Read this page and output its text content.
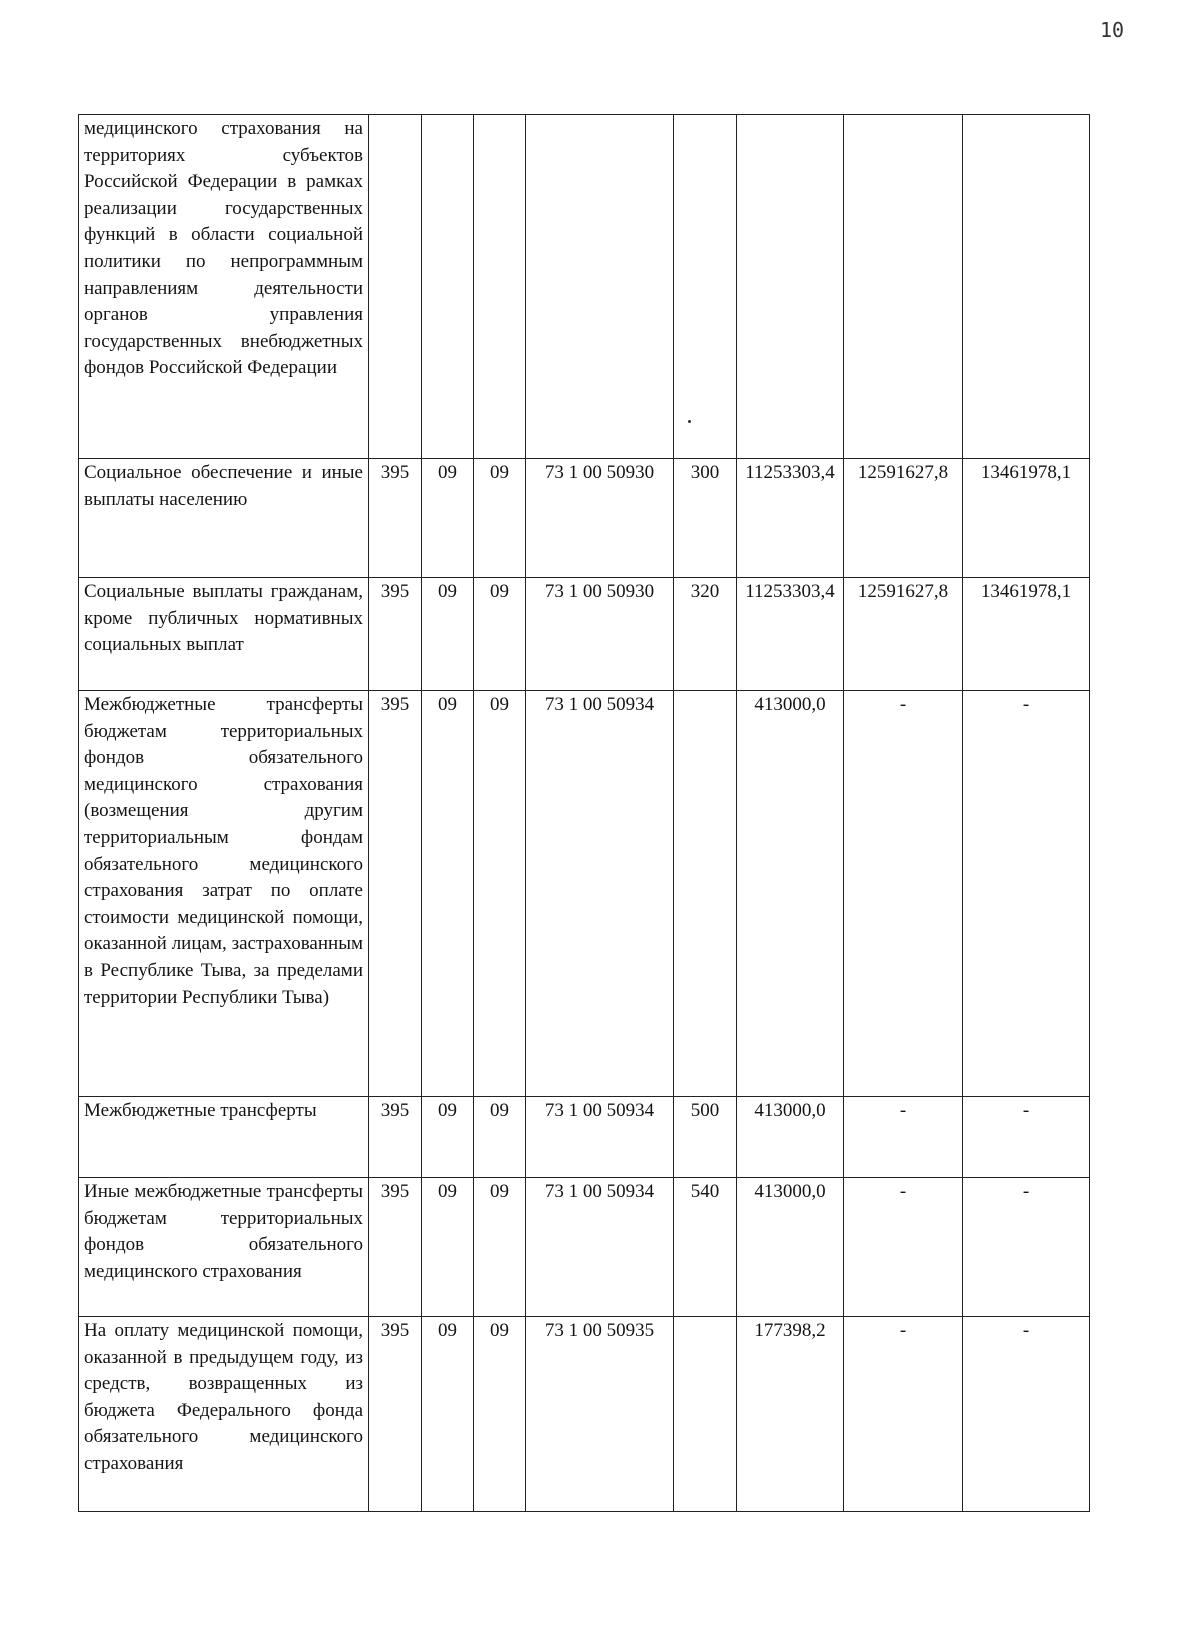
10
медицинского страхования на территориях субъектов Российской Федерации в рамках реализации государственных функций в области социальной политики по непрограммным направлениям деятельности органов управления государственных внебюджетных фондов Российской Федерации					

Социальное обеспечение и иные выплаты населению	395	09	09	73 1 00 50930	300	11253303,4	12591627,8	13461978,1
Социальные выплаты гражданам, кроме публичных нормативных социальных выплат	395	09	09	73 1 00 50930	320	11253303,4	12591627,8	13461978,1
Межбюджетные трансферты бюджетам территориальных фондов обязательного медицинского страхования (возмещения другим территориальным фондам обязательного медицинского страхования затрат по оплате стоимости медицинской помощи, оказанной лицам, застрахованным в Республике Тыва, за пределами территории Республики Тыва)	395	09	09	73 1 00 50934		413000,0	-	-
Межбюджетные трансферты	395	09	09	73 1 00 50934	500	413000,0	-	-
Иные межбюджетные трансферты бюджетам территориальных фондов обязательного медицинского страхования	395	09	09	73 1 00 50934	540	413000,0	-	-
На оплату медицинской помощи, оказанной в предыдущем году, из средств, возвращенных из бюджета Федерального фонда обязательного медицинского страхования	395	09	09	73 1 00 50935		177398,2	-	-
